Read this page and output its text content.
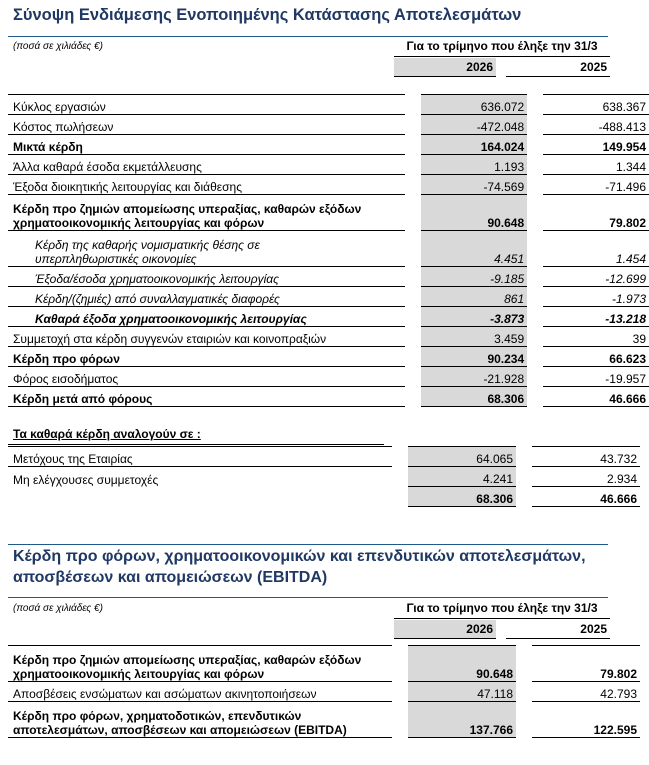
Σύνοψη Ενδιάμεσης Ενοποιημένης Κατάστασης Αποτελεσμάτων
(ποσά σε χιλιάδες €)	Για το τρίμηνο που έληξε την 31/3
2026	2025
Κύκλος εργασιών		636.072		638.367
Κόστος πωλήσεων		-472.048		-488.413
Μικτά κέρδη		164.024		149.954
Άλλα καθαρά έσοδα εκμετάλλευσης		1.193		1.344
Έξοδα διοικητικής λειτουργίας και διάθεσης		-74.569		-71.496

Κέρδη προ ζημιών απομείωσης υπεραξίας, καθαρών εξόδων
χρηματοοικονομικής λειτουργίας και φόρων		90.648		79.802

Κέρδη της καθαρής νομισματικής θέσης σε
υπερπληθωριστικές οικονομίες		4.451		1.454
Έξοδα/έσοδα χρηματοοικονομικής λειτουργίας		-9.185		-12.699
Κέρδη/(ζημιές) από συναλλαγματικές διαφορές		861		-1.973
Καθαρά έξοδα χρηματοοικονομικής λειτουργίας		-3.873		-13.218
Συμμετοχή στα κέρδη συγγενών εταιριών και κοινοπραξιών		3.459		39
Κέρδη προ φόρων		90.234		66.623
Φόρος εισοδήματος		-21.928		-19.957
Κέρδη μετά από φόρους		68.306		46.666
Τα καθαρά κέρδη αναλογούν σε :
Μετόχους της Εταιρίας		64.065		43.732
Μη ελέγχουσες συμμετοχές		4.241		2.934
		68.306		46.666
Κέρδη προ φόρων, χρηματοοικονομικών και επενδυτικών αποτελεσμάτων,
αποσβέσεων και απομειώσεων (EBITDA)
(ποσά σε χιλιάδες €)	Για το τρίμηνο που έληξε την 31/3
2026	2025
Κέρδη προ ζημιών απομείωσης υπεραξίας, καθαρών εξόδων
χρηματοοικονομικής λειτουργίας και φόρων		90.648		79.802
Αποσβέσεις ενσώματων και ασώματων ακινητοποιήσεων		47.118		42.793

Κέρδη προ φόρων, χρηματοδοτικών, επενδυτικών
αποτελεσμάτων, αποσβέσεων και απομειώσεων (EBITDA)		137.766		122.595
